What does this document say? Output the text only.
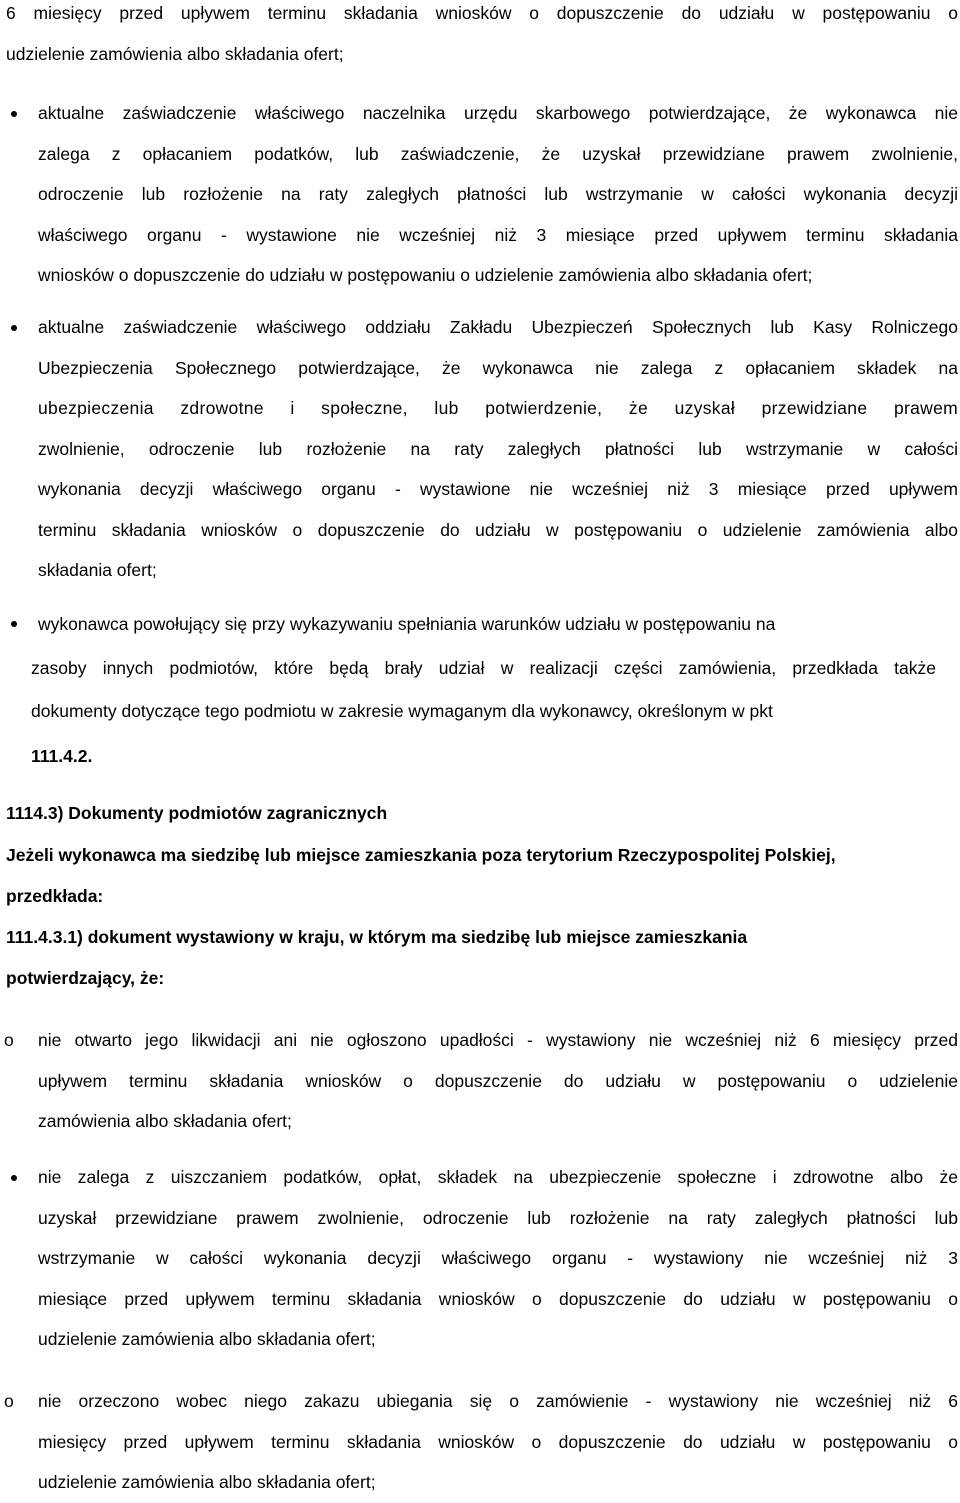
6 miesięcy przed upływem terminu składania wniosków o dopuszczenie do udziału w postępowaniu o

udzielenie zamówienia albo składania ofert;

aktualne zaświadczenie właściwego naczelnika urzędu skarbowego potwierdzające, że wykonawca nie

zalega z opłacaniem podatków, lub zaświadczenie, że uzyskał przewidziane prawem zwolnienie,

odroczenie lub rozłożenie na raty zaległych płatności lub wstrzymanie w całości wykonania decyzji

właściwego organu - wystawione nie wcześniej niż 3 miesiące przed upływem terminu składania

wniosków o dopuszczenie do udziału w postępowaniu o udzielenie zamówienia albo składania ofert;

aktualne zaświadczenie właściwego oddziału Zakładu Ubezpieczeń Społecznych lub Kasy Rolniczego

Ubezpieczenia Społecznego potwierdzające, że wykonawca nie zalega z opłacaniem składek na

ubezpieczenia zdrowotne i społeczne, lub potwierdzenie, że uzyskał przewidziane prawem

zwolnienie, odroczenie lub rozłożenie na raty zaległych płatności lub wstrzymanie w całości

wykonania decyzji właściwego organu - wystawione nie wcześniej niż 3 miesiące przed upływem

terminu składania wniosków o dopuszczenie do udziału w postępowaniu o udzielenie zamówienia albo

składania ofert;

wykonawca powołujący się przy wykazywaniu spełniania warunków udziału w postępowaniu na

zasoby innych podmiotów, które będą brały udział w realizacji części zamówienia, przedkłada także

dokumenty dotyczące tego podmiotu w zakresie wymaganym dla wykonawcy, określonym w pkt

111.4.2.
1114.3) Dokumenty podmiotów zagranicznych

Jeżeli wykonawca ma siedzibę lub miejsce zamieszkania poza terytorium Rzeczypospolitej Polskiej,

przedkłada:

111.4.3.1) dokument wystawiony w kraju, w którym ma siedzibę lub miejsce zamieszkania

potwierdzający, że:

o nie otwarto jego likwidacji ani nie ogłoszono upadłości - wystawiony nie wcześniej niż 6 miesięcy przed

upływem terminu składania wniosków o dopuszczenie do udziału w postępowaniu o udzielenie

zamówienia albo składania ofert;

nie zalega z uiszczaniem podatków, opłat, składek na ubezpieczenie społeczne i zdrowotne albo że

uzyskał przewidziane prawem zwolnienie, odroczenie lub rozłożenie na raty zaległych płatności lub

wstrzymanie w całości wykonania decyzji właściwego organu - wystawiony nie wcześniej niż 3

miesiące przed upływem terminu składania wniosków o dopuszczenie do udziału w postępowaniu o

udzielenie zamówienia albo składania ofert;

o nie orzeczono wobec niego zakazu ubiegania się o zamówienie - wystawiony nie wcześniej niż 6

miesięcy przed upływem terminu składania wniosków o dopuszczenie do udziału w postępowaniu o

udzielenie zamówienia albo składania ofert;
